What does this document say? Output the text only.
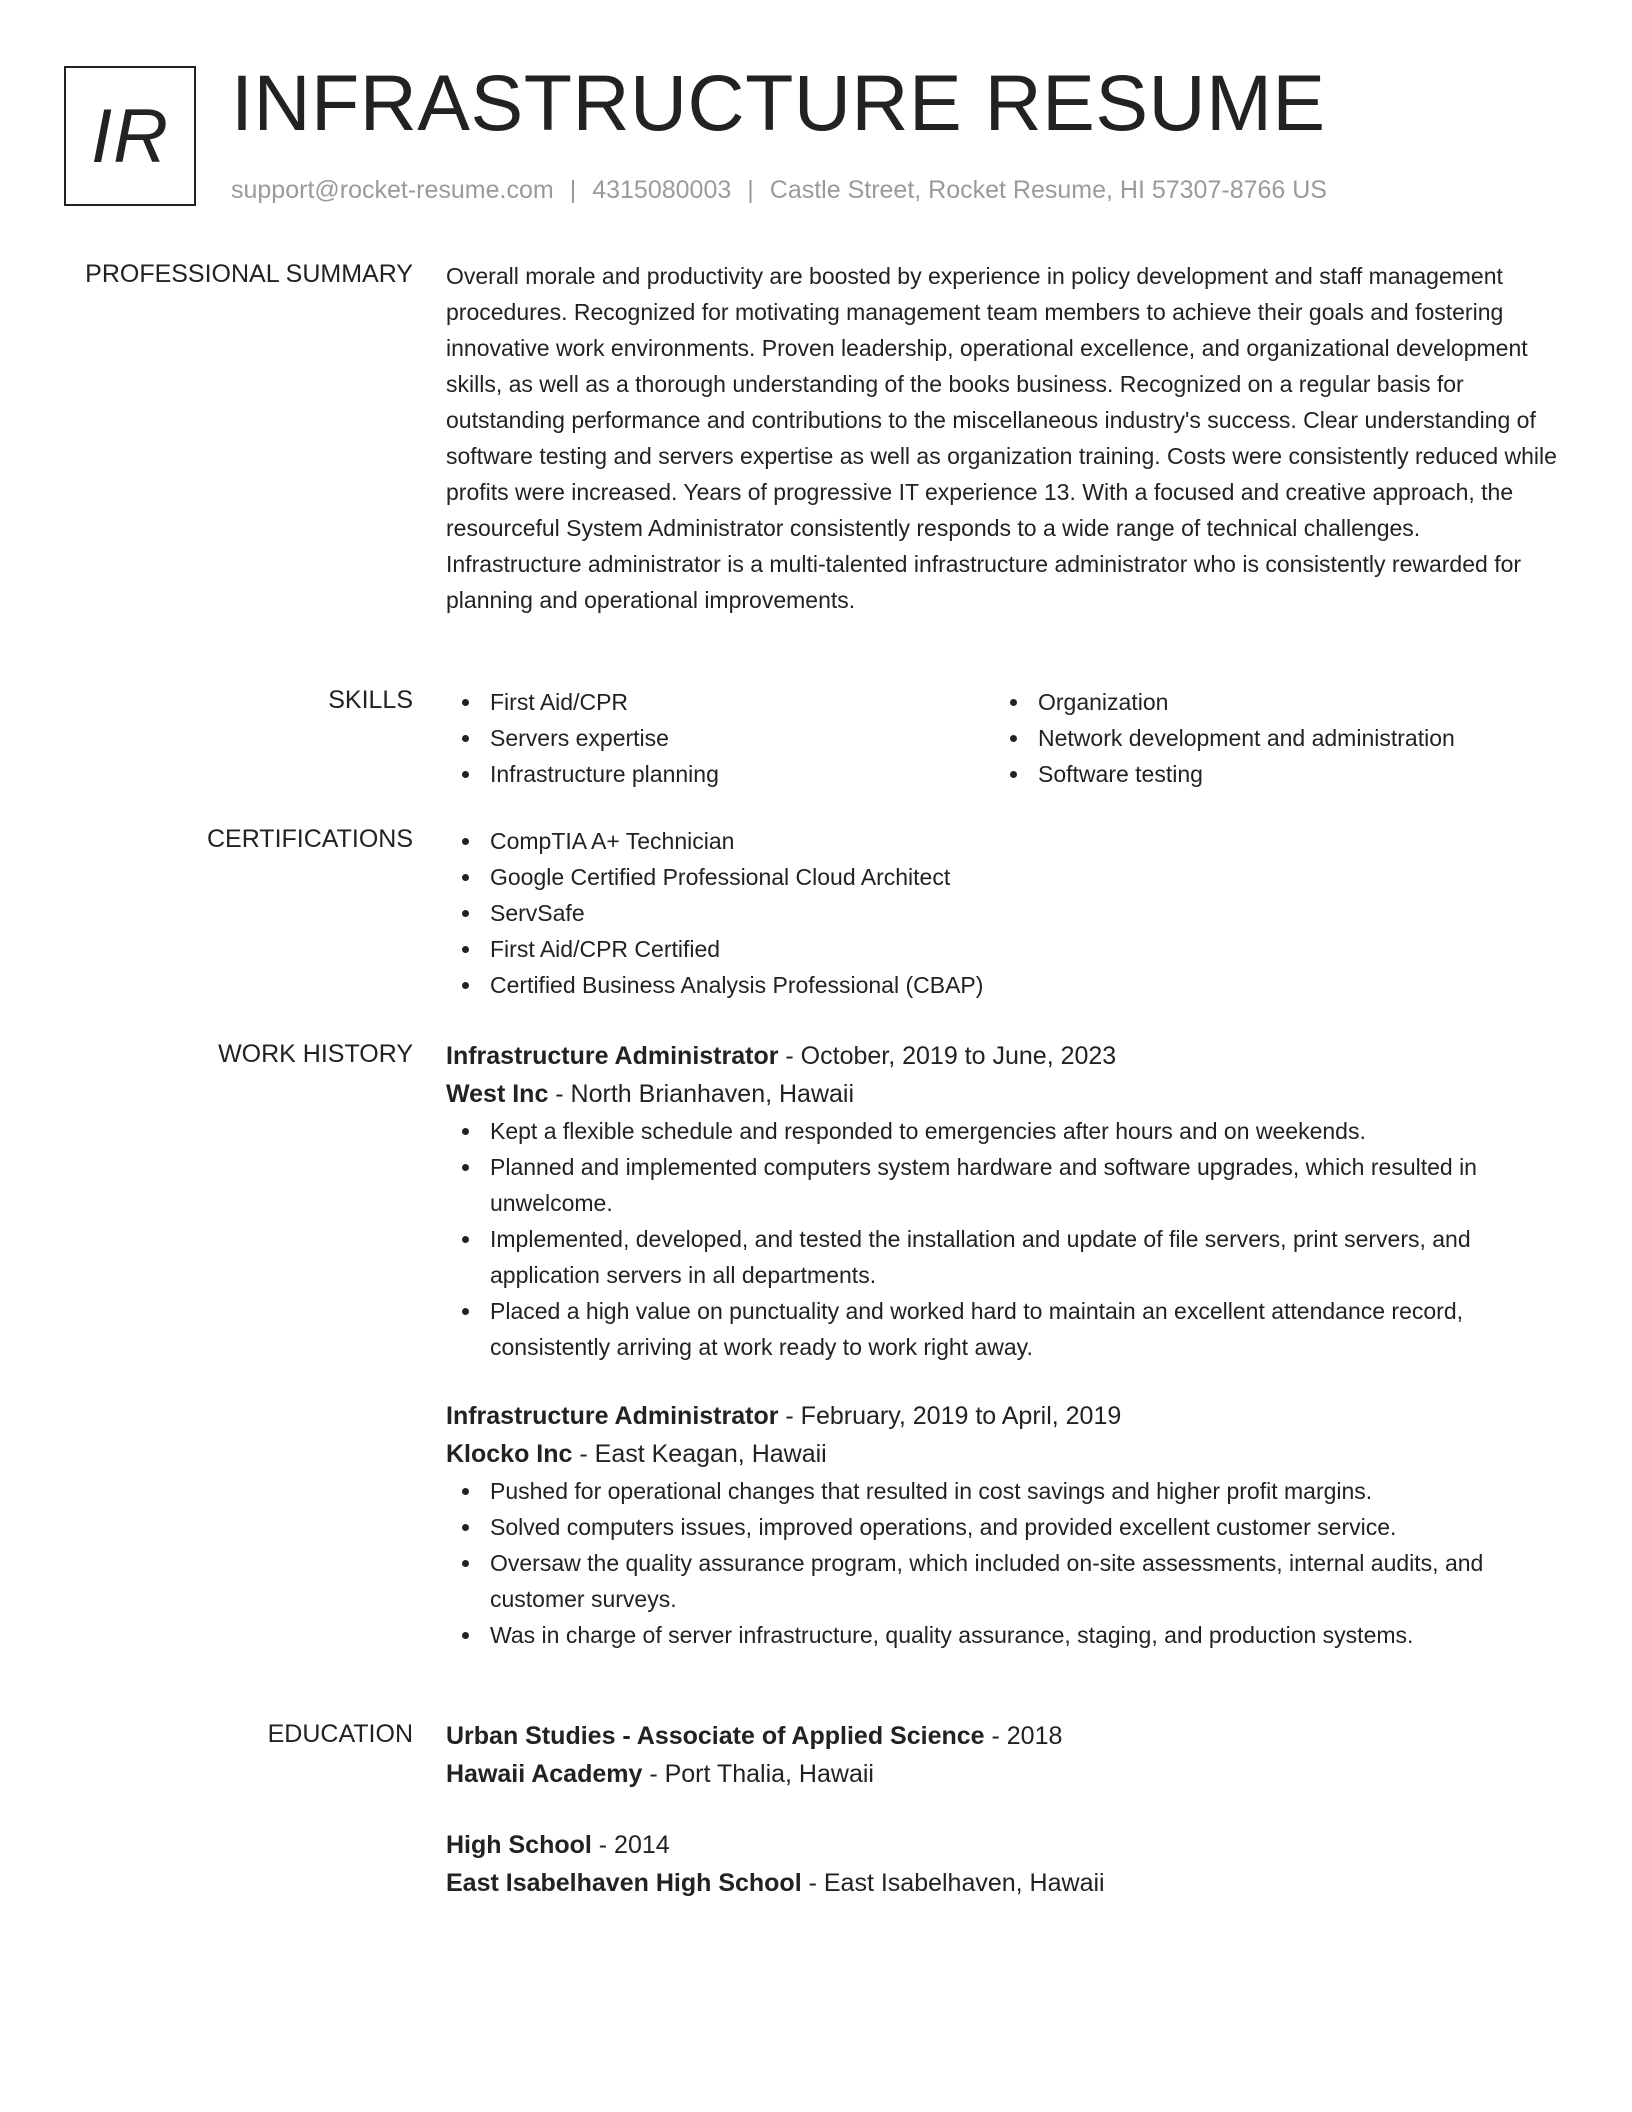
IR INFRASTRUCTURE RESUME
support@rocket-resume.com | 4315080003 | Castle Street, Rocket Resume, HI 57307-8766 US
PROFESSIONAL SUMMARY Overall morale and productivity are boosted by experience in policy development and staff management procedures. Recognized for motivating management team members to achieve their goals and fostering innovative work environments. Proven leadership, operational excellence, and organizational development skills, as well as a thorough understanding of the books business. Recognized on a regular basis for outstanding performance and contributions to the miscellaneous industry's success. Clear understanding of software testing and servers expertise as well as organization training. Costs were consistently reduced while profits were increased. Years of progressive IT experience 13. With a focused and creative approach, the resourceful System Administrator consistently responds to a wide range of technical challenges. Infrastructure administrator is a multi-talented infrastructure administrator who is consistently rewarded for planning and operational improvements.

SKILLS	First Aid/CPR
Servers expertise
Infrastructure planning
Organization
Network development and administration
Software testing
CERTIFICATIONS	CompTIA A+ Technician
Google Certified Professional Cloud Architect
ServSafe
First Aid/CPR Certified
Certified Business Analysis Professional (CBAP)
WORK HISTORY Infrastructure Administrator - October, 2019 to June, 2023
West Inc - North Brianhaven, Hawaii
Kept a flexible schedule and responded to emergencies after hours and on weekends.
Planned and implemented computers system hardware and software upgrades, which resulted in unwelcome.
Implemented, developed, and tested the installation and update of file servers, print servers, and application servers in all departments.
Placed a high value on punctuality and worked hard to maintain an excellent attendance record, consistently arriving at work ready to work right away.
Infrastructure Administrator - February, 2019 to April, 2019
Klocko Inc - East Keagan, Hawaii
Pushed for operational changes that resulted in cost savings and higher profit margins.
Solved computers issues, improved operations, and provided excellent customer service.
Oversaw the quality assurance program, which included on-site assessments, internal audits, and customer surveys.
Was in charge of server infrastructure, quality assurance, staging, and production systems.
EDUCATION Urban Studies - Associate of Applied Science - 2018
Hawaii Academy - Port Thalia, Hawaii
High School - 2014
East Isabelhaven High School - East Isabelhaven, Hawaii
